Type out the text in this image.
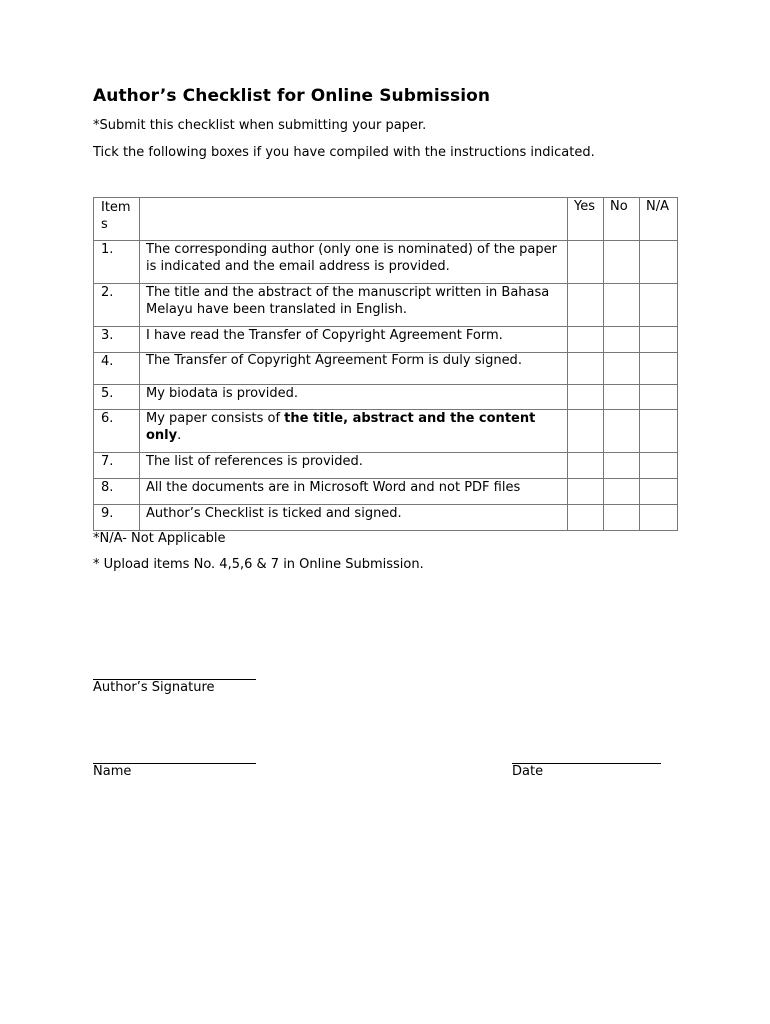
Author’s Checklist for Online Submission
*Submit this checklist when submitting your paper.
Tick the following boxes if you have compiled with the instructions indicated.
Items		Yes	No	N/A
1.	The corresponding author (only one is nominated) of the paper is indicated and the email address is provided.			
2.	The title and the abstract of the manuscript written in Bahasa Melayu have been translated in English.			
3.	I have read the Transfer of Copyright Agreement Form.			
4.	The Transfer of Copyright Agreement Form is duly signed.			
5.	My biodata is provided.			
6.	My paper consists of the title, abstract and the content only.			
7.	The list of references is provided.			
8.	All the documents are in Microsoft Word and not PDF files			
9.	Author’s Checklist is ticked and signed.			
*N/A- Not Applicable
* Upload items No. 4,5,6 & 7 in Online Submission.
Author’s Signature
Name	Date
